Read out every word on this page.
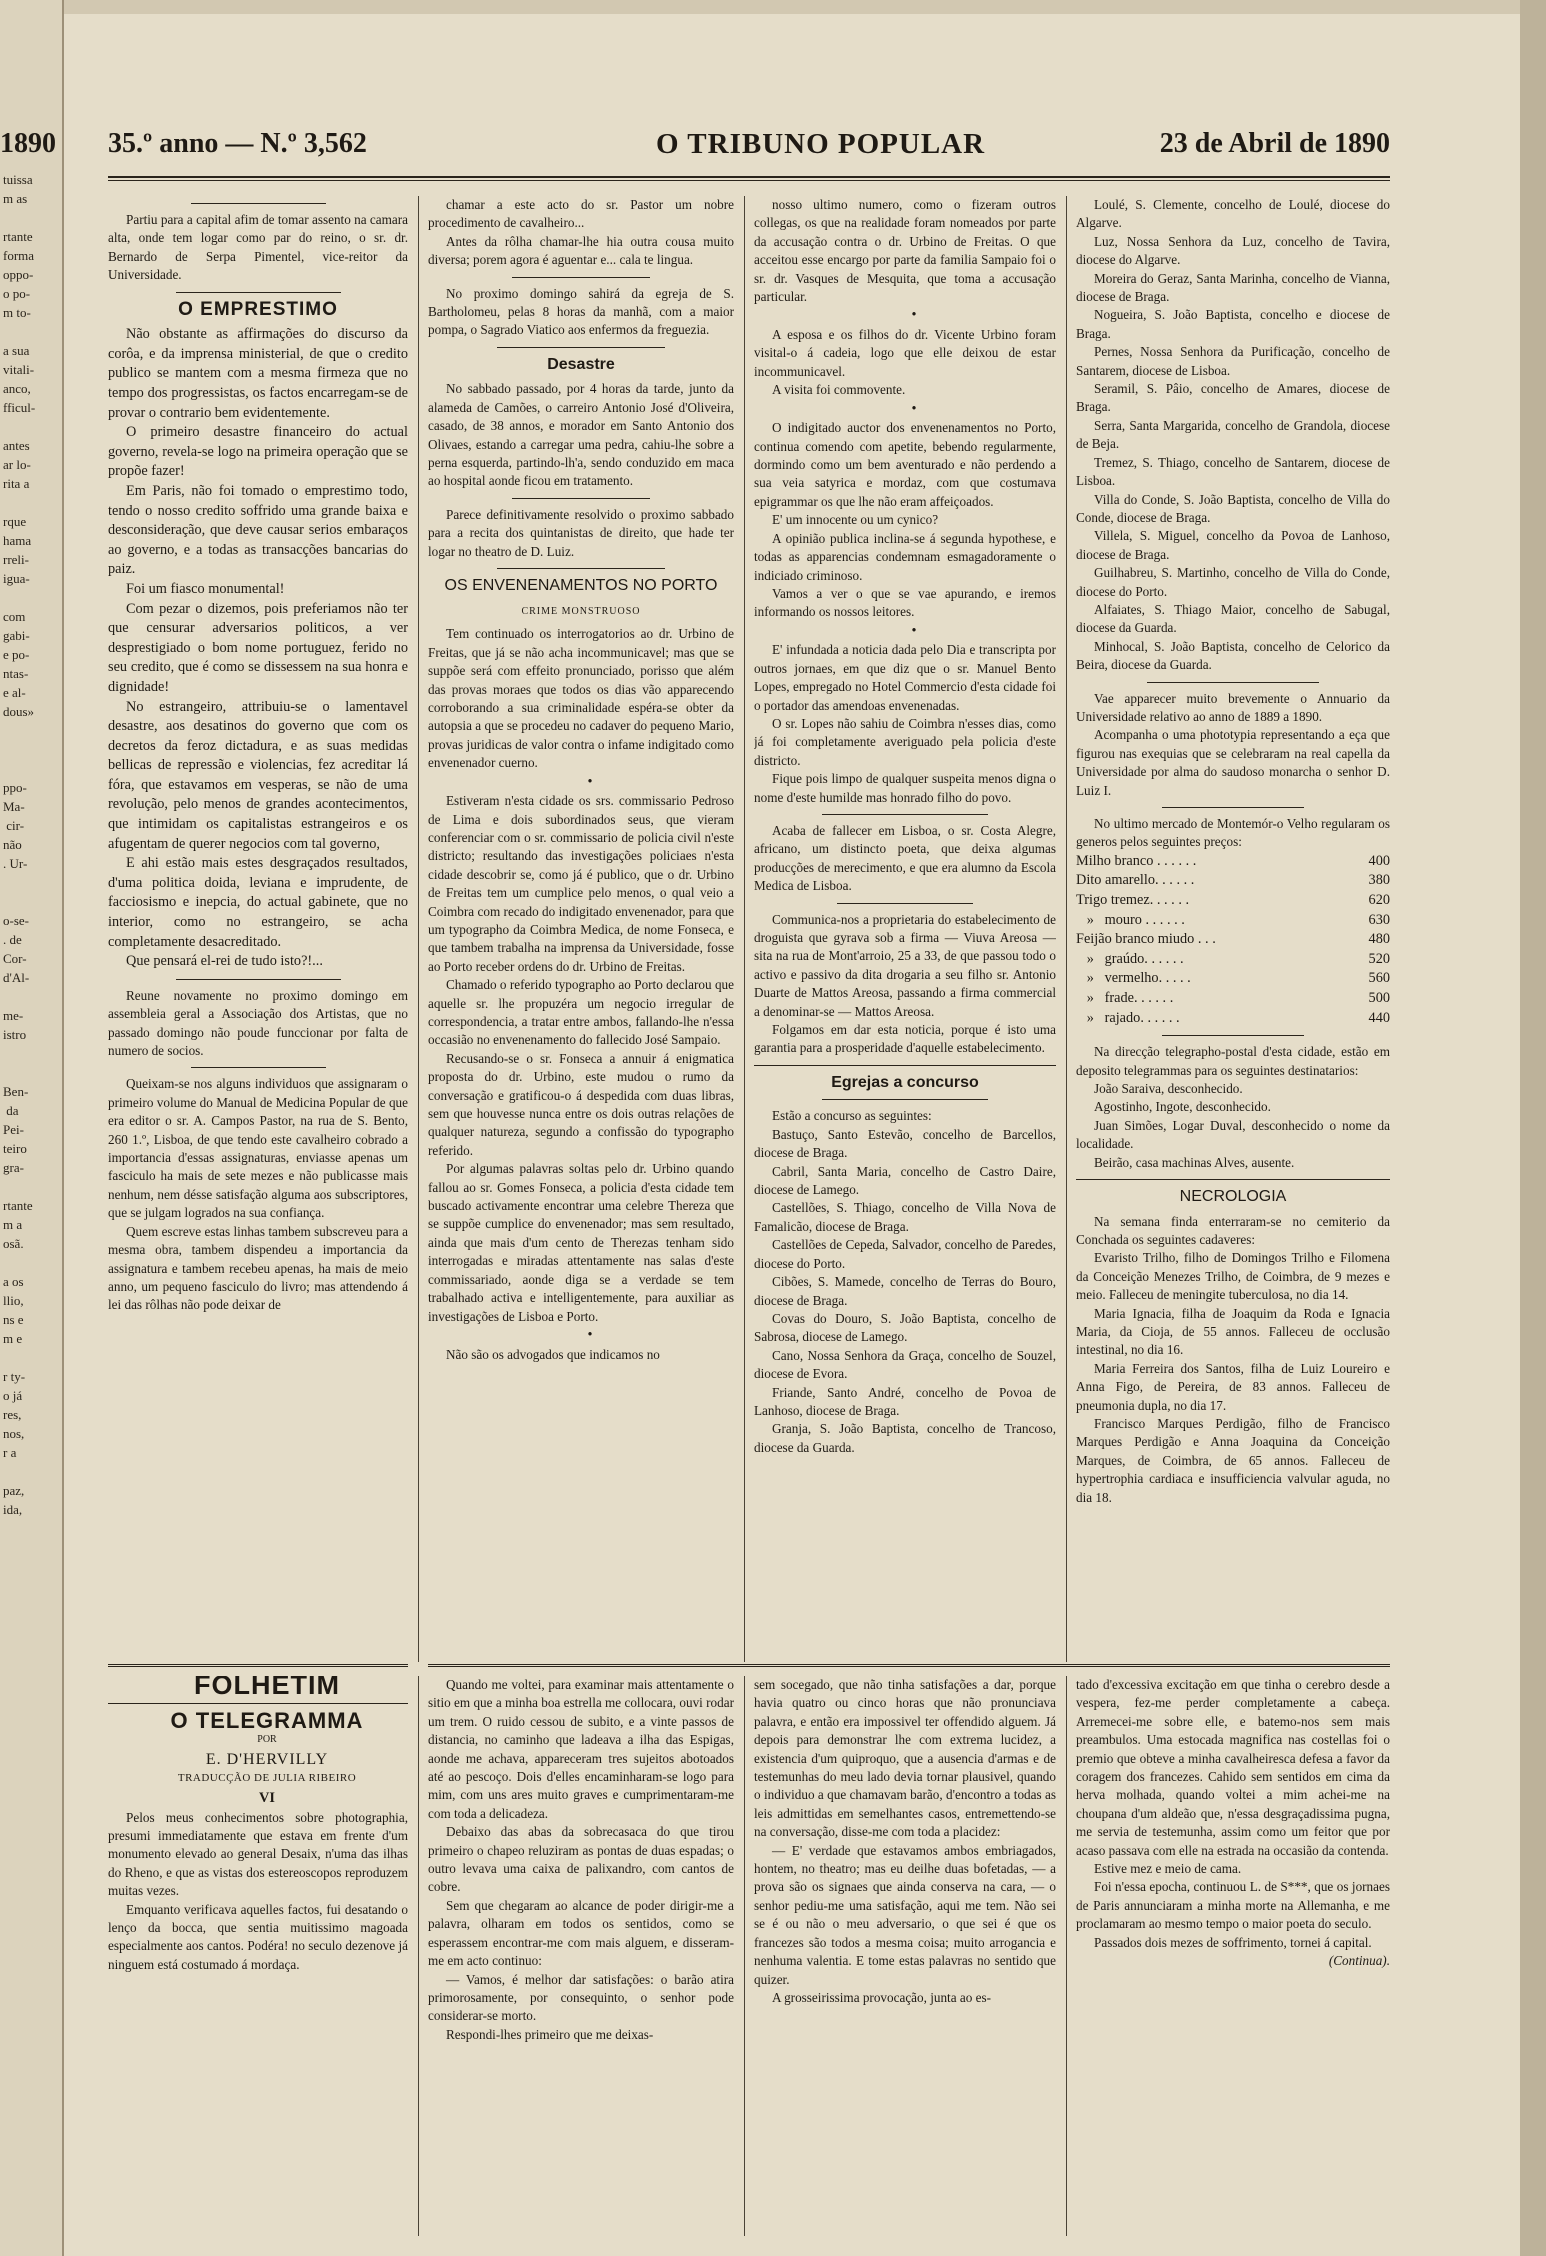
1890
tuissa
m as

rtante
forma
oppo-
o po-
m to-

a sua
vitali-
anco,
fficul-

antes
ar lo-
rita a

rque
hama
rreli-
igua-

com
gabi-
e po-
ntas-
e al-
dous»

ppo-
Ma-
cir-
não
. Ur-

o-se-
. de
Cor-
d'Al-

me-
istro

Ben-
da
Pei-
teiro
gra-

rtante
m a
osã.

a os
llio,
ns e
m e

r ty-
o já
res,
nos,
r a

paz,
ida,
35.º anno — N.º 3,562	O TRIBUNO POPULAR	23 de Abril de 1890

Partiu para a capital afim de tomar assento na camara alta, onde tem logar como par do reino, o sr. dr. Bernardo de Serpa Pimentel, vice-reitor da Universidade.

O EMPRESTIMO

Não obstante as affirmações do discurso da corôa, e da imprensa ministerial, de que o credito publico se mantem com a mesma firmeza que no tempo dos progressistas, os factos encarregam-se de provar o contrario bem evidentemente.

O primeiro desastre financeiro do actual governo, revela-se logo na primeira operação que se propõe fazer!

Em Paris, não foi tomado o emprestimo todo, tendo o nosso credito soffrido uma grande baixa e desconsideração, que deve causar serios embaraços ao governo, e a todas as transacções bancarias do paiz.

Foi um fiasco monumental!

Com pezar o dizemos, pois preferiamos não ter que censurar adversarios politicos, a ver desprestigiado o bom nome portuguez, ferido no seu credito, que é como se dissessem na sua honra e dignidade!

No estrangeiro, attribuiu-se o lamentavel desastre, aos desatinos do governo que com os decretos da feroz dictadura, e as suas medidas bellicas de repressão e violencias, fez acreditar lá fóra, que estavamos em vesperas, se não de uma revolução, pelo menos de grandes acontecimentos, que intimidam os capitalistas estrangeiros e os afugentam de querer negocios com tal governo,

E ahi estão mais estes desgraçados resultados, d'uma politica doida, leviana e imprudente, de facciosismo e inepcia, do actual gabinete, que no interior, como no estrangeiro, se acha completamente desacreditado.

Que pensará el-rei de tudo isto?!...

Reune novamente no proximo domingo em assembleia geral a Associação dos Artistas, que no passado domingo não poude funccionar por falta de numero de socios.

Queixam-se nos alguns individuos que assignaram o primeiro volume do Manual de Medicina Popular de que era editor o sr. A. Campos Pastor, na rua de S. Bento, 260 1.º, Lisboa, de que tendo este cavalheiro cobrado a importancia d'essas assignaturas, enviasse apenas um fasciculo ha mais de sete mezes e não publicasse mais nenhum, nem désse satisfação alguma aos subscriptores, que se julgam logrados na sua confiança.

Quem escreve estas linhas tambem subscreveu para a mesma obra, tambem dispendeu a importancia da assignatura e tambem recebeu apenas, ha mais de meio anno, um pequeno fasciculo do livro; mas attendendo á lei das rôlhas não pode deixar de

chamar a este acto do sr. Pastor um nobre procedimento de cavalheiro...

Antes da rôlha chamar-lhe hia outra cousa muito diversa; porem agora é aguentar e... cala te lingua.

No proximo domingo sahirá da egreja de S. Bartholomeu, pelas 8 horas da manhã, com a maior pompa, o Sagrado Viatico aos enfermos da freguezia.

Desastre

No sabbado passado, por 4 horas da tarde, junto da alameda de Camões, o carreiro Antonio José d'Oliveira, casado, de 38 annos, e morador em Santo Antonio dos Olivaes, estando a carregar uma pedra, cahiu-lhe sobre a perna esquerda, partindo-lh'a, sendo conduzido em maca ao hospital aonde ficou em tratamento.

Parece definitivamente resolvido o proximo sabbado para a recita dos quintanistas de direito, que hade ter logar no theatro de D. Luiz.

OS ENVENENAMENTOS NO PORTO

CRIME MONSTRUOSO

Tem continuado os interrogatorios ao dr. Urbino de Freitas, que já se não acha incommunicavel; mas que se suppõe será com effeito pronunciado, porisso que além das provas moraes que todos os dias vão apparecendo corroborando a sua criminalidade espéra-se obter da autopsia a que se procedeu no cadaver do pequeno Mario, provas juridicas de valor contra o infame indigitado como envenenador cuerno.

•

Estiveram n'esta cidade os srs. commissario Pedroso de Lima e dois subordinados seus, que vieram conferenciar com o sr. commissario de policia civil n'este districto; resultando das investigações policiaes n'esta cidade descobrir se, como já é publico, que o dr. Urbino de Freitas tem um cumplice pelo menos, o qual veio a Coimbra com recado do indigitado envenenador, para que um typographo da Coimbra Medica, de nome Fonseca, e que tambem trabalha na imprensa da Universidade, fosse ao Porto receber ordens do dr. Urbino de Freitas.

Chamado o referido typographo ao Porto declarou que aquelle sr. lhe propuzéra um negocio irregular de correspondencia, a tratar entre ambos, fallando-lhe n'essa occasião no envenenamento do fallecido José Sampaio.

Recusando-se o sr. Fonseca a annuir á enigmatica proposta do dr. Urbino, este mudou o rumo da conversação e gratificou-o á despedida com duas libras, sem que houvesse nunca entre os dois outras relações de qualquer natureza, segundo a confissão do typographo referido.

Por algumas palavras soltas pelo dr. Urbino quando fallou ao sr. Gomes Fonseca, a policia d'esta cidade tem buscado activamente encontrar uma celebre Thereza que se suppõe cumplice do envenenador; mas sem resultado, ainda que mais d'um cento de Therezas tenham sido interrogadas e miradas attentamente nas salas d'este commissariado, aonde diga se a verdade se tem trabalhado activa e intelligentemente, para auxiliar as investigações de Lisboa e Porto.

•

Não são os advogados que indicamos no

nosso ultimo numero, como o fizeram outros collegas, os que na realidade foram nomeados por parte da accusação contra o dr. Urbino de Freitas. O que acceitou esse encargo por parte da familia Sampaio foi o sr. dr. Vasques de Mesquita, que toma a accusação particular.

•

A esposa e os filhos do dr. Vicente Urbino foram visital-o á cadeia, logo que elle deixou de estar incommunicavel.

A visita foi commovente.

•

O indigitado auctor dos envenenamentos no Porto, continua comendo com apetite, bebendo regularmente, dormindo como um bem aventurado e não perdendo a sua veia satyrica e mordaz, com que costumava epigrammar os que lhe não eram affeiçoados.

E' um innocente ou um cynico?

A opinião publica inclina-se á segunda hypothese, e todas as apparencias condemnam esmagadoramente o indiciado criminoso.

Vamos a ver o que se vae apurando, e iremos informando os nossos leitores.

•

E' infundada a noticia dada pelo Dia e transcripta por outros jornaes, em que diz que o sr. Manuel Bento Lopes, empregado no Hotel Commercio d'esta cidade foi o portador das amendoas envenenadas.

O sr. Lopes não sahiu de Coimbra n'esses dias, como já foi completamente averiguado pela policia d'este districto.

Fique pois limpo de qualquer suspeita menos digna o nome d'este humilde mas honrado filho do povo.

Acaba de fallecer em Lisboa, o sr. Costa Alegre, africano, um distincto poeta, que deixa algumas producções de merecimento, e que era alumno da Escola Medica de Lisboa.

Communica-nos a proprietaria do estabelecimento de droguista que gyrava sob a firma — Viuva Areosa — sita na rua de Mont'arroio, 25 a 33, de que passou todo o activo e passivo da dita drogaria a seu filho sr. Antonio Duarte de Mattos Areosa, passando a firma commercial a denominar-se — Mattos Areosa.

Folgamos em dar esta noticia, porque é isto uma garantia para a prosperidade d'aquelle estabelecimento.

Egrejas a concurso

Estão a concurso as seguintes:

Bastuço, Santo Estevão, concelho de Barcellos, diocese de Braga.

Cabril, Santa Maria, concelho de Castro Daire, diocese de Lamego.

Castellões, S. Thiago, concelho de Villa Nova de Famalicão, diocese de Braga.

Castellões de Cepeda, Salvador, concelho de Paredes, diocese do Porto.

Cibões, S. Mamede, concelho de Terras do Bouro, diocese de Braga.

Covas do Douro, S. João Baptista, concelho de Sabrosa, diocese de Lamego.

Cano, Nossa Senhora da Graça, concelho de Souzel, diocese de Evora.

Friande, Santo André, concelho de Povoa de Lanhoso, diocese de Braga.

Granja, S. João Baptista, concelho de Trancoso, diocese da Guarda.

Loulé, S. Clemente, concelho de Loulé, diocese do Algarve.

Luz, Nossa Senhora da Luz, concelho de Tavira, diocese do Algarve.

Moreira do Geraz, Santa Marinha, concelho de Vianna, diocese de Braga.

Nogueira, S. João Baptista, concelho e diocese de Braga.

Pernes, Nossa Senhora da Purificação, concelho de Santarem, diocese de Lisboa.

Seramil, S. Pâio, concelho de Amares, diocese de Braga.

Serra, Santa Margarida, concelho de Grandola, diocese de Beja.

Tremez, S. Thiago, concelho de Santarem, diocese de Lisboa.

Villa do Conde, S. João Baptista, concelho de Villa do Conde, diocese de Braga.

Villela, S. Miguel, concelho da Povoa de Lanhoso, diocese de Braga.

Guilhabreu, S. Martinho, concelho de Villa do Conde, diocese do Porto.

Alfaiates, S. Thiago Maior, concelho de Sabugal, diocese da Guarda.

Minhocal, S. João Baptista, concelho de Celorico da Beira, diocese da Guarda.

Vae apparecer muito brevemente o Annuario da Universidade relativo ao anno de 1889 a 1890.

Acompanha o uma phototypia representando a eça que figurou nas exequias que se celebraram na real capella da Universidade por alma do saudoso monarcha o senhor D. Luiz I.

No ultimo mercado de Montemór-o Velho regularam os generos pelos seguintes preços:

Milho branco . . . . . .	400
Dito amarello. . . . . .	380
Trigo tremez. . . . . .	620
»   mouro . . . . . .	630
Feijão branco miudo . . .	480
»   graúdo. . . . . .	520
»   vermelho. . . . .	560
»   frade. . . . . .	500
»   rajado. . . . . .	440

Na direcção telegrapho-postal d'esta cidade, estão em deposito telegrammas para os seguintes destinatarios:

João Saraiva, desconhecido.

Agostinho, Ingote, desconhecido.

Juan Simões, Logar Duval, desconhecido o nome da localidade.

Beirão, casa machinas Alves, ausente.

NECROLOGIA

Na semana finda enterraram-se no cemiterio da Conchada os seguintes cadaveres:

Evaristo Trilho, filho de Domingos Trilho e Filomena da Conceição Menezes Trilho, de Coimbra, de 9 mezes e meio. Falleceu de meningite tuberculosa, no dia 14.

Maria Ignacia, filha de Joaquim da Roda e Ignacia Maria, da Cioja, de 55 annos. Falleceu de occlusão intestinal, no dia 16.

Maria Ferreira dos Santos, filha de Luiz Loureiro e Anna Figo, de Pereira, de 83 annos. Falleceu de pneumonia dupla, no dia 17.

Francisco Marques Perdigão, filho de Francisco Marques Perdigão e Anna Joaquina da Conceição Marques, de Coimbra, de 65 annos. Falleceu de hypertrophia cardiaca e insufficiencia valvular aguda, no dia 18.

FOLHETIM

O TELEGRAMMA

POR

E. D'HERVILLY

TRADUCÇÃO DE JULIA RIBEIRO

VI

Pelos meus conhecimentos sobre photographia, presumi immediatamente que estava em frente d'um monumento elevado ao general Desaix, n'uma das ilhas do Rheno, e que as vistas dos estereoscopos reproduzem muitas vezes.

Emquanto verificava aquelles factos, fui desatando o lenço da bocca, que sentia muitissimo magoada especialmente aos cantos. Podéra! no seculo dezenove já ninguem está costumado á mordaça.

Quando me voltei, para examinar mais attentamente o sitio em que a minha boa estrella me collocara, ouvi rodar um trem. O ruido cessou de subito, e a vinte passos de distancia, no caminho que ladeava a ilha das Espigas, aonde me achava, appareceram tres sujeitos abotoados até ao pescoço. Dois d'elles encaminharam-se logo para mim, com uns ares muito graves e cumprimentaram-me com toda a delicadeza.

Debaixo das abas da sobrecasaca do que tirou primeiro o chapeo reluziram as pontas de duas espadas; o outro levava uma caixa de palixandro, com cantos de cobre.

Sem que chegaram ao alcance de poder dirigir-me a palavra, olharam em todos os sentidos, como se esperassem encontrar-me com mais alguem, e disseram-me em acto continuo:

— Vamos, é melhor dar satisfações: o barão atira primorosamente, por consequinto, o senhor pode considerar-se morto.

Respondi-lhes primeiro que me deixas-

sem socegado, que não tinha satisfações a dar, porque havia quatro ou cinco horas que não pronunciava palavra, e então era impossivel ter offendido alguem. Já depois para demonstrar lhe com extrema lucidez, a existencia d'um quiproquo, que a ausencia d'armas e de testemunhas do meu lado devia tornar plausivel, quando o individuo a que chamavam barão, d'encontro a todas as leis admittidas em semelhantes casos, entremettendo-se na conversação, disse-me com toda a placidez:

— E' verdade que estavamos ambos embriagados, hontem, no theatro; mas eu deilhe duas bofetadas, — a prova são os signaes que ainda conserva na cara, — o senhor pediu-me uma satisfação, aqui me tem. Não sei se é ou não o meu adversario, o que sei é que os francezes são todos a mesma coisa; muito arrogancia e nenhuma valentia. E tome estas palavras no sentido que quizer.

A grosseirissima provocação, junta ao es-

tado d'excessiva excitação em que tinha o cerebro desde a vespera, fez-me perder completamente a cabeça. Arremecei-me sobre elle, e batemo-nos sem mais preambulos. Uma estocada magnifica nas costellas foi o premio que obteve a minha cavalheiresca defesa a favor da coragem dos francezes. Cahido sem sentidos em cima da herva molhada, quando voltei a mim achei-me na choupana d'um aldeão que, n'essa desgraçadissima pugna, me servia de testemunha, assim como um feitor que por acaso passava com elle na estrada na occasião da contenda.

Estive mez e meio de cama.

Foi n'essa epocha, continuou L. de S***, que os jornaes de Paris annunciaram a minha morte na Allemanha, e me proclamaram ao mesmo tempo o maior poeta do seculo.

Passados dois mezes de soffrimento, tornei á capital.

(Continua).
